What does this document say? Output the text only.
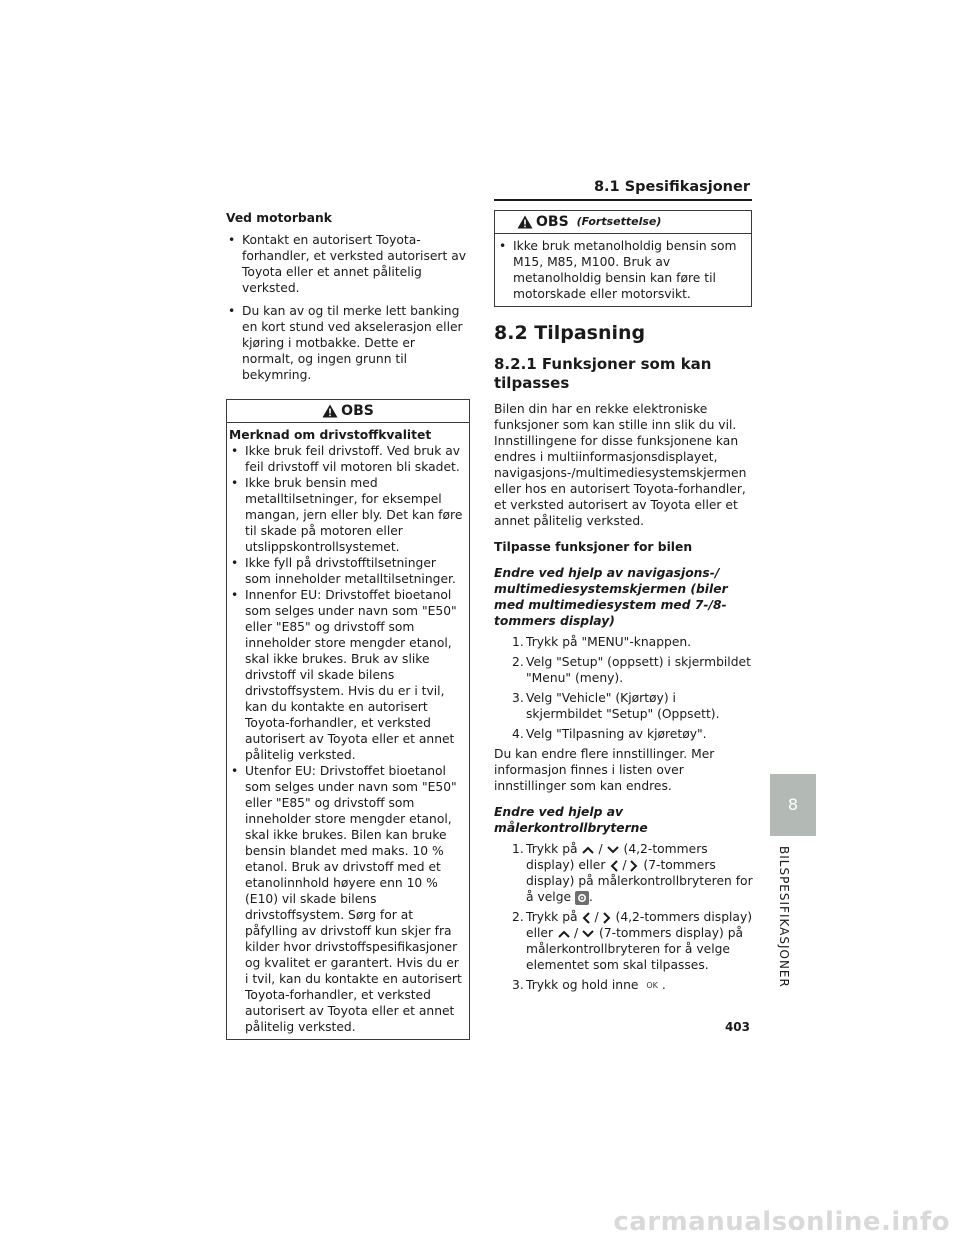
8.1 Spesifikasjoner

Ved motorbank

• Kontakt en autorisert Toyota-forhandler, et verksted autorisert av Toyota eller et annet pålitelig verksted.
• Du kan av og til merke lett banking en kort stund ved akselerasjon eller kjøring i motbakke. Dette er normalt, og ingen grunn til bekymring.
OBS

Merknad om drivstoffkvalitet

• Ikke bruk feil drivstoff. Ved bruk av feil drivstoff vil motoren bli skadet.
• Ikke bruk bensin med metalltilsetninger, for eksempel mangan, jern eller bly. Det kan føre til skade på motoren eller utslippskontrollsystemet.
• Ikke fyll på drivstofftilsetninger som inneholder metalltilsetninger.
• Innenfor EU: Drivstoffet bioetanol som selges under navn som "E50" eller "E85" og drivstoff som inneholder store mengder etanol, skal ikke brukes. Bruk av slike drivstoff vil skade bilens drivstoffsystem. Hvis du er i tvil, kan du kontakte en autorisert Toyota-forhandler, et verksted autorisert av Toyota eller et annet pålitelig verksted.
• Utenfor EU: Drivstoffet bioetanol som selges under navn som "E50" eller "E85" og drivstoff som inneholder store mengder etanol, skal ikke brukes. Bilen kan bruke bensin blandet med maks. 10 % etanol. Bruk av drivstoff med et etanolinnhold høyere enn 10 % (E10) vil skade bilens drivstoffsystem. Sørg for at påfylling av drivstoff kun skjer fra kilder hvor drivstoffspesifikasjoner og kvalitet er garantert. Hvis du er i tvil, kan du kontakte en autorisert Toyota-forhandler, et verksted autorisert av Toyota eller et annet pålitelig verksted.
OBS (Fortsettelse)
• Ikke bruk metanolholdig bensin som M15, M85, M100. Bruk av metanolholdig bensin kan føre til motorskade eller motorsvikt.

8.2 Tilpasning

8.2.1 Funksjoner som kan tilpasses

Bilen din har en rekke elektroniske funksjoner som kan stille inn slik du vil. Innstillingene for disse funksjonene kan endres i multiinformasjonsdisplayet, navigasjons-/multimediesystemskjermen eller hos en autorisert Toyota-forhandler, et verksted autorisert av Toyota eller et annet pålitelig verksted.

Tilpasse funksjoner for bilen

Endre ved hjelp av navigasjons-/ multimediesystemskjermen (biler med multimediesystem med 7-/8-tommers display)

1. Trykk på "MENU"-knappen.
2. Velg "Setup" (oppsett) i skjermbildet "Menu" (meny).
3. Velg "Vehicle" (Kjørtøy) i skjermbildet "Setup" (Oppsett).
4. Velg "Tilpasning av kjøretøy".

Du kan endre flere innstillinger. Mer informasjon finnes i listen over innstillinger som kan endres.

Endre ved hjelp av målerkontrollbryterne

1. Trykk på / (4,2-tommers display) eller / (7-tommers display) på målerkontrollbryteren for å velge .
2. Trykk på / (4,2-tommers display) eller / (7-tommers display) på målerkontrollbryteren for å velge elementet som skal tilpasses.
3. Trykk og hold inne OK .
8
BILSPESIFIKASJONER
403
carmanualsonline.info
